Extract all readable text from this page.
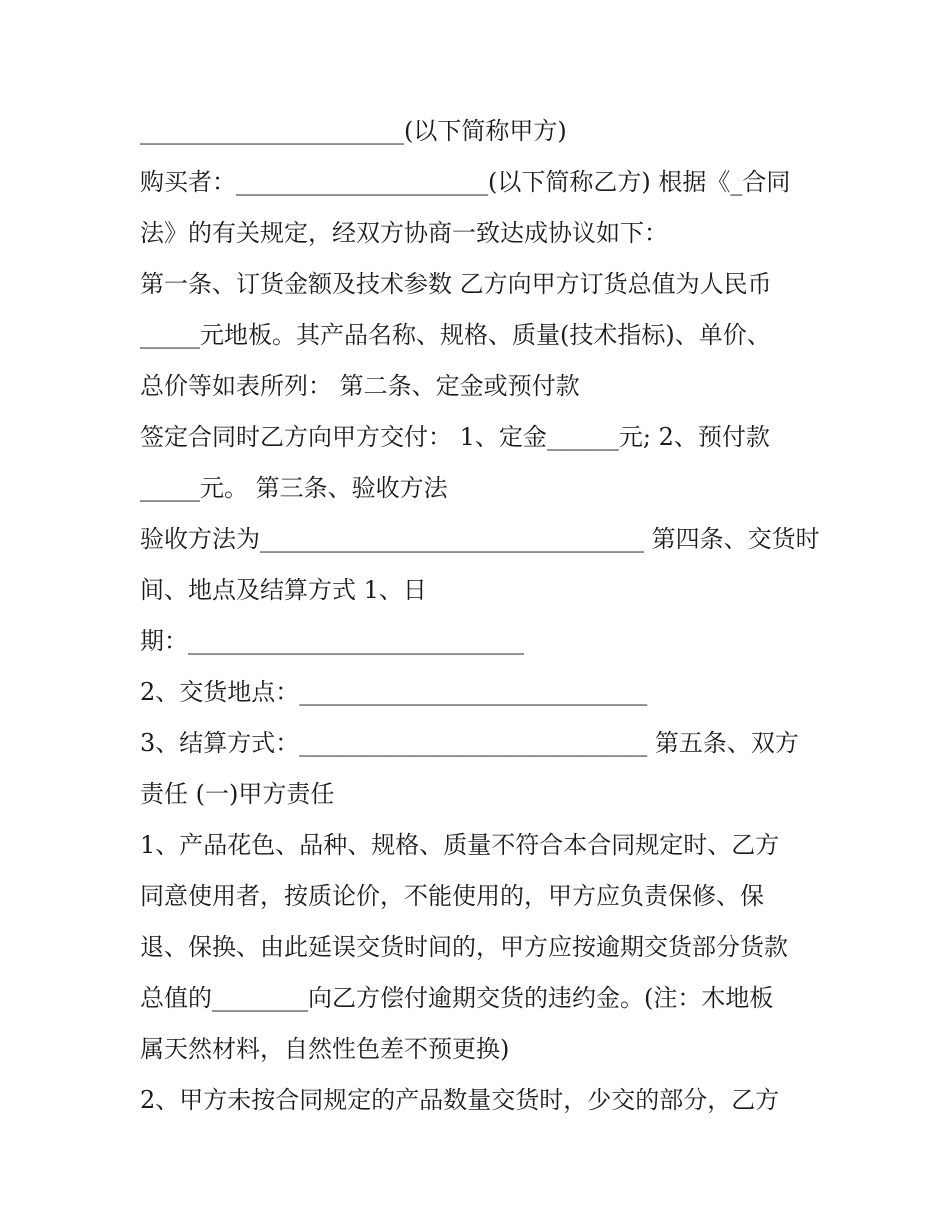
______________________(以下简称甲方)
购买者：_____________________(以下简称乙方) 根据《_合同
法》的有关规定，经双方协商一致达成协议如下：
第一条、订货金额及技术参数 乙方向甲方订货总值为人民币
_____元地板。其产品名称、规格、质量(技术指标)、单价、
总价等如表所列： 第二条、定金或预付款
签定合同时乙方向甲方交付： 1、定金______元; 2、预付款
_____元。 第三条、验收方法
验收方法为________________________________ 第四条、交货时
间、地点及结算方式 1、日
期：____________________________
2、交货地点：_____________________________
3、结算方式：_____________________________ 第五条、双方
责任 (一)甲方责任
1、产品花色、品种、规格、质量不符合本合同规定时、乙方
同意使用者，按质论价，不能使用的，甲方应负责保修、保
退、保换、由此延误交货时间的，甲方应按逾期交货部分货款
总值的________向乙方偿付逾期交货的违约金。(注：木地板
属天然材料，自然性色差不预更换)
2、甲方未按合同规定的产品数量交货时，少交的部分，乙方
